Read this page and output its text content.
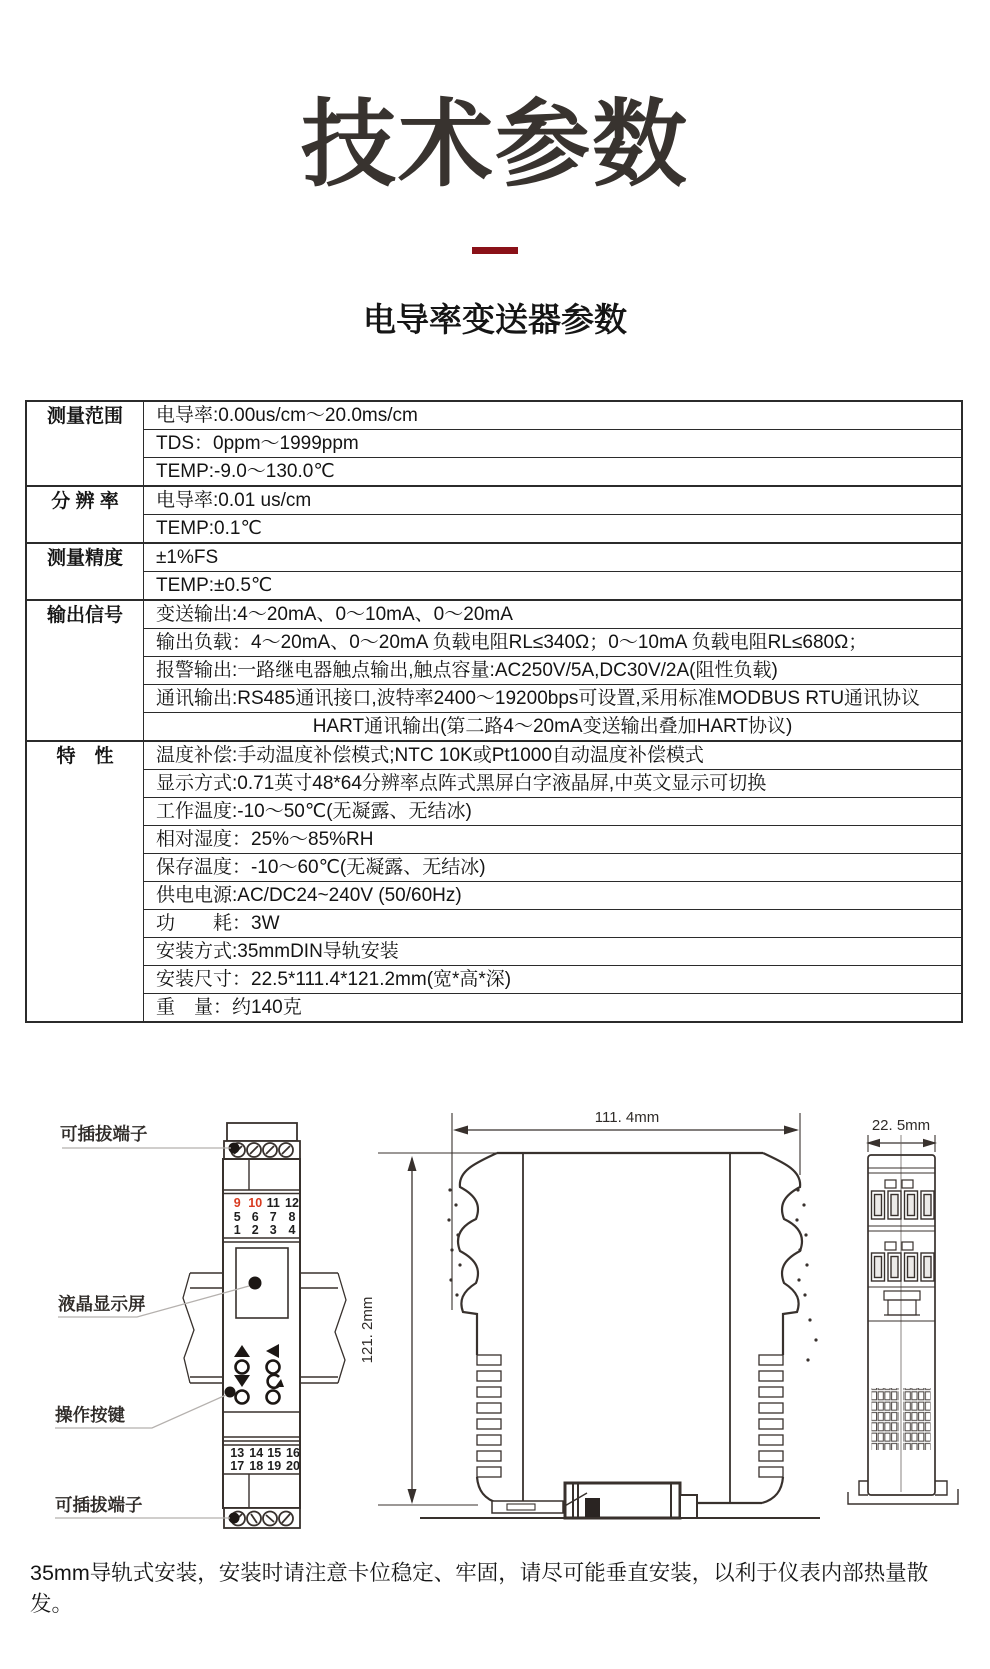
技术参数
电导率变送器参数
测量范围	电导率:0.00us/cm～20.0ms/cm
	TDS：0ppm～1999ppm
	TEMP:-9.0～130.0℃
分 辨 率	电导率:0.01 us/cm
	TEMP:0.1℃
测量精度	±1%FS
	TEMP:±0.5℃
输出信号	变送输出:4～20mA、0～10mA、0～20mA
	输出负载：4～20mA、0～20mA 负载电阻RL≤340Ω；0～10mA 负载电阻RL≤680Ω；
	报警输出:一路继电器触点输出,触点容量:AC250V/5A,DC30V/2A(阻性负载)
	通讯输出:RS485通讯接口,波特率2400～19200bps可设置,采用标准MODBUS RTU通讯协议
	HART通讯输出(第二路4～20mA变送输出叠加HART协议)
特　性	温度补偿:手动温度补偿模式;NTC 10K或Pt1000自动温度补偿模式
	显示方式:0.71英寸48*64分辨率点阵式黑屏白字液晶屏,中英文显示可切换
	工作温度:-10～50℃(无凝露、无结冰)
	相对湿度：25%～85%RH
	保存温度：-10～60℃(无凝露、无结冰)
	供电电源:AC/DC24~240V (50/60Hz)
	功　　耗：3W
	安装方式:35mmDIN导轨安装
	安装尺寸：22.5*111.4*121.2mm(宽*高*深)
	重　量：约140克
9 10 11 12
5 6 7 8
1 2 3 4
13 14 15 16
17 18 19 20
可插拔端子
液晶显示屏
操作按键
可插拔端子
111. 4mm
121. 2mm
22. 5mm
35mm导轨式安装，安装时请注意卡位稳定、牢固，请尽可能垂直安装，以利于仪表内部热量散发。
